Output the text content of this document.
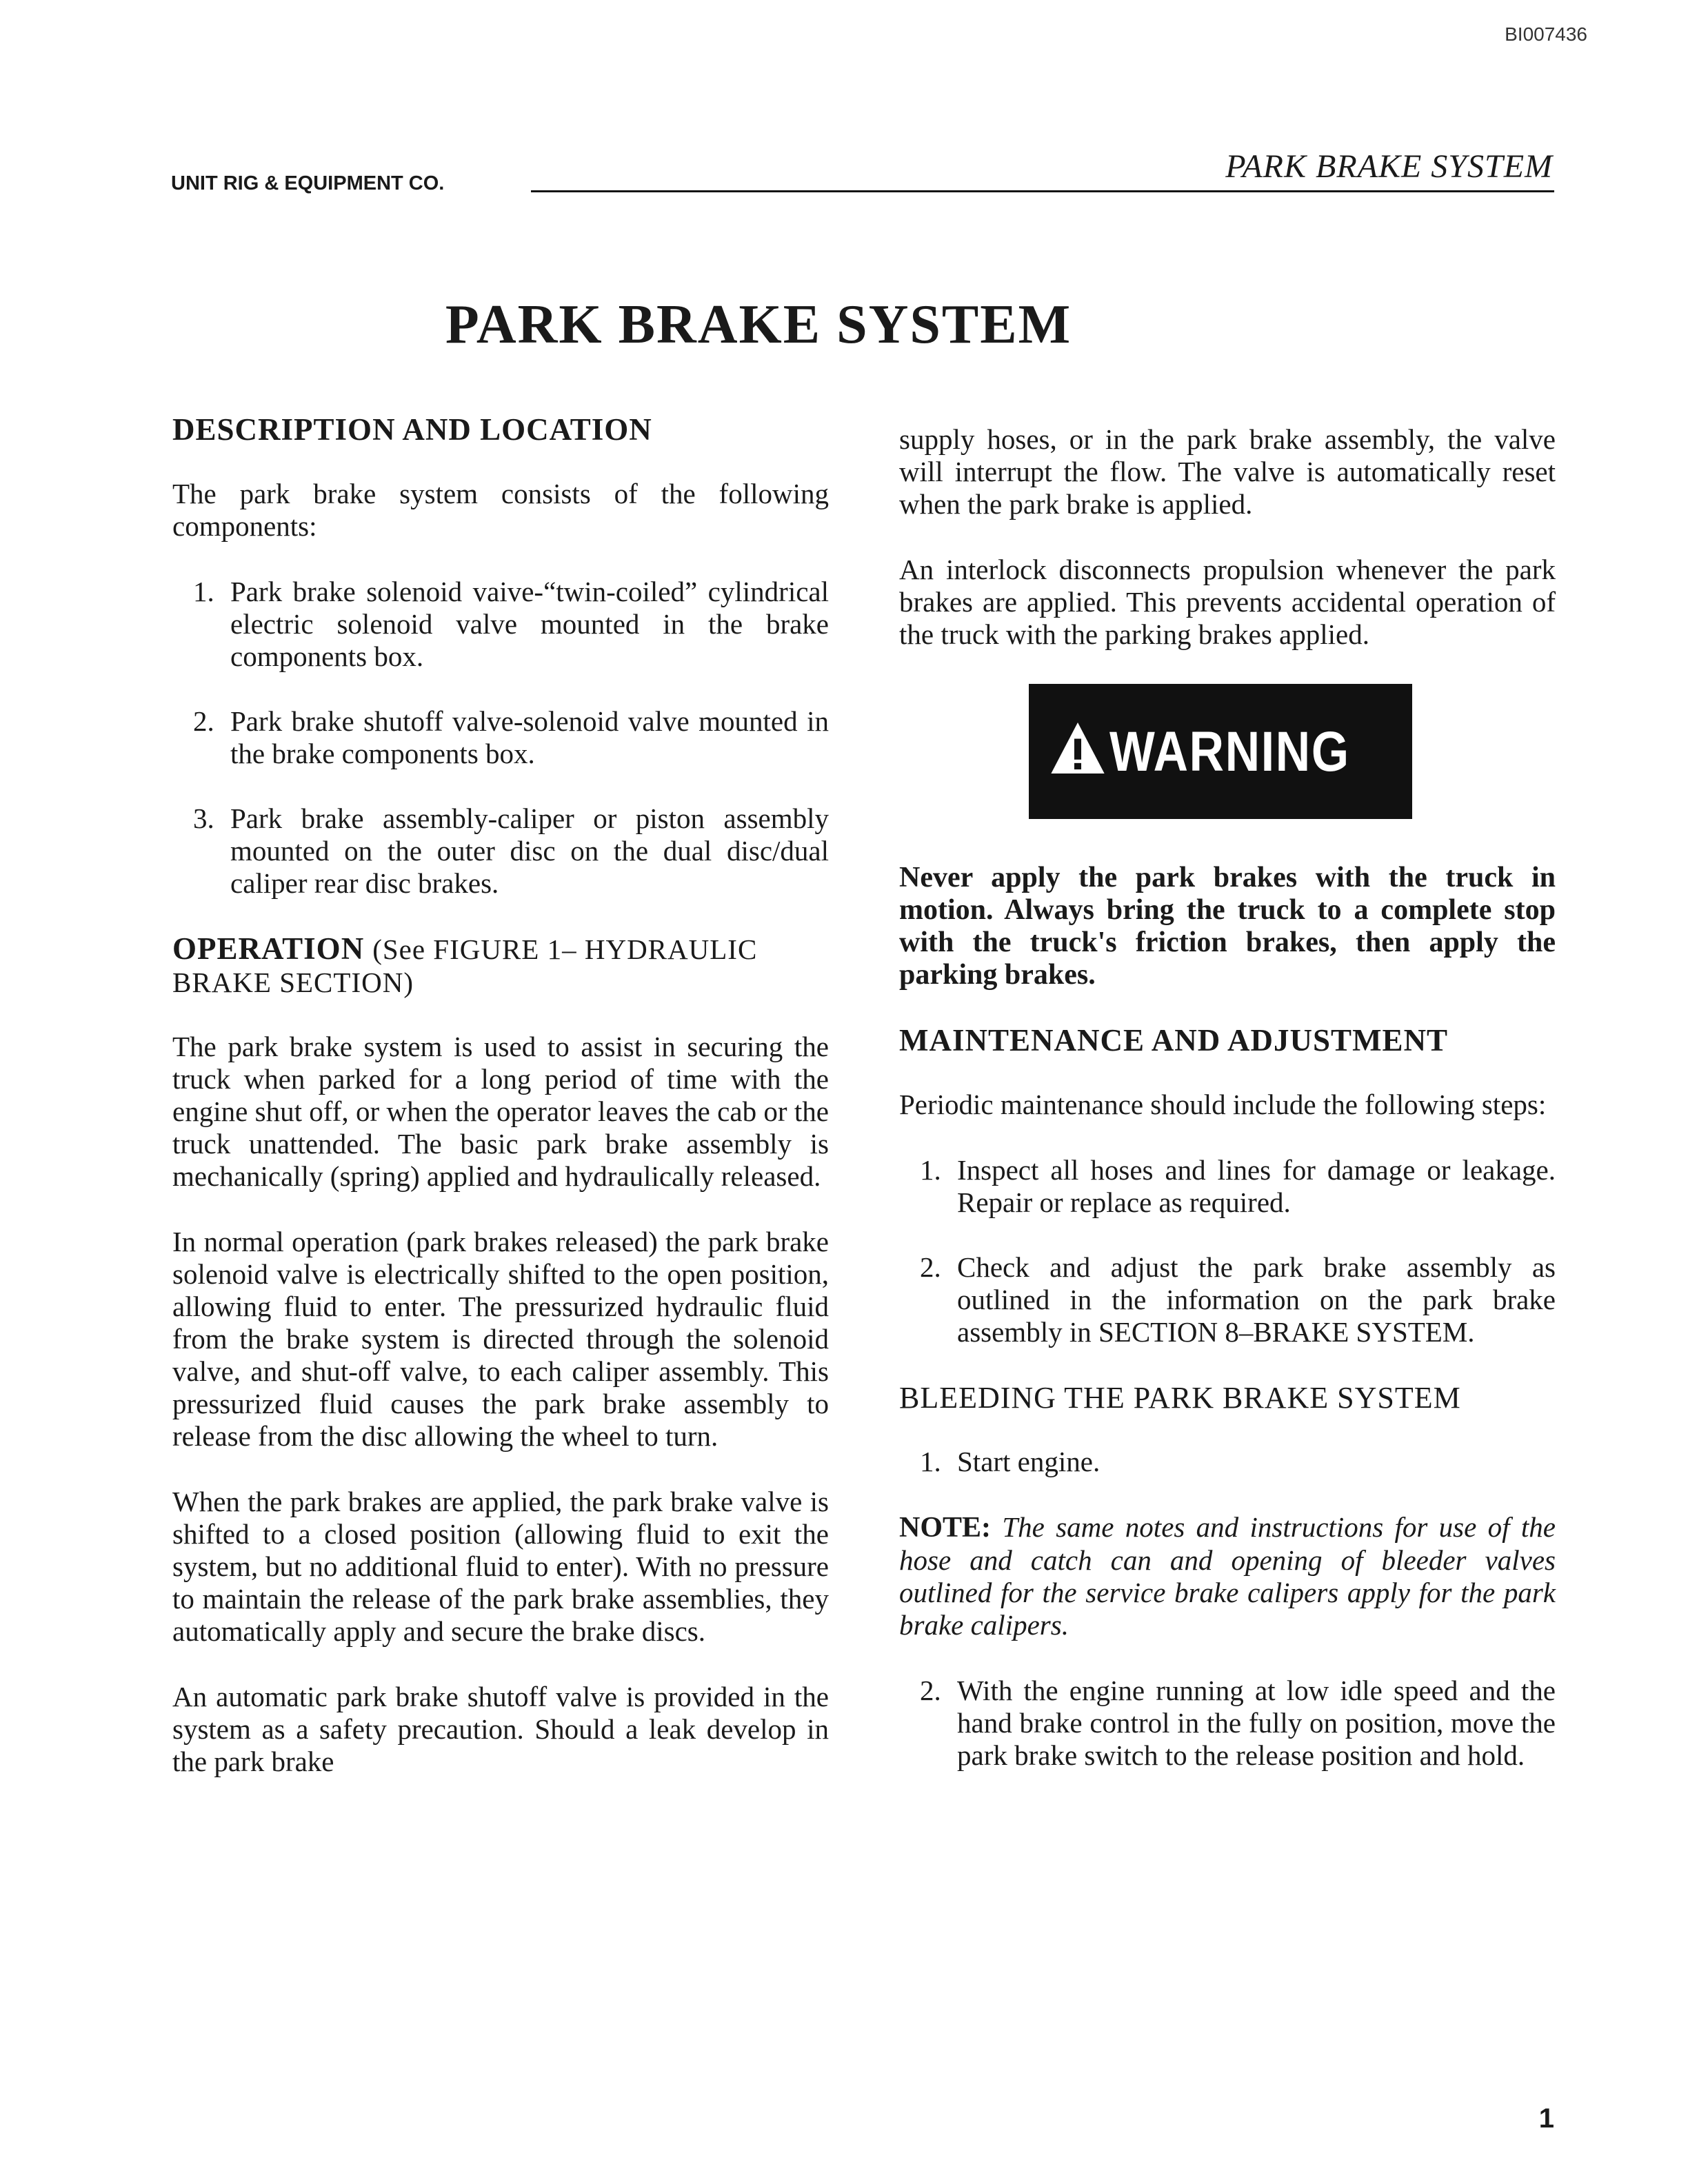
BI007436
UNIT RIG & EQUIPMENT CO.	PARK BRAKE SYSTEM
PARK BRAKE SYSTEM
DESCRIPTION AND LOCATION

The park brake system consists of the following components:

1. Park brake solenoid vaive-“twin-coiled” cylindrical electric solenoid valve mounted in the brake components box.
2. Park brake shutoff valve-solenoid valve mounted in the brake components box.
3. Park brake assembly-caliper or piston assembly mounted on the outer disc on the dual disc/dual caliper rear disc brakes.
OPERATION (See FIGURE 1– HYDRAULIC BRAKE SECTION)

The park brake system is used to assist in securing the truck when parked for a long period of time with the engine shut off, or when the operator leaves the cab or the truck unattended. The basic park brake assembly is mechanically (spring) applied and hydraulically released.

In normal operation (park brakes released) the park brake solenoid valve is electrically shifted to the open position, allowing fluid to enter. The pressurized hydraulic fluid from the brake system is directed through the solenoid valve, and shut-off valve, to each caliper assembly. This pressurized fluid causes the park brake assembly to release from the disc allowing the wheel to turn.

When the park brakes are applied, the park brake valve is shifted to a closed position (allowing fluid to exit the system, but no additional fluid to enter). With no pressure to maintain the release of the park brake assemblies, they automatically apply and secure the brake discs.

An automatic park brake shutoff valve is provided in the system as a safety precaution. Should a leak develop in the park brake

supply hoses, or in the park brake assembly, the valve will interrupt the flow. The valve is automatically reset when the park brake is applied.

An interlock disconnects propulsion whenever the park brakes are applied. This prevents accidental operation of the truck with the parking brakes applied.

WARNING

Never apply the park brakes with the truck in motion. Always bring the truck to a complete stop with the truck's friction brakes, then apply the parking brakes.

MAINTENANCE AND ADJUSTMENT

Periodic maintenance should include the following steps:

1. Inspect all hoses and lines for damage or leakage. Repair or replace as required.
2. Check and adjust the park brake assembly as outlined in the information on the park brake assembly in SECTION 8–BRAKE SYSTEM.
BLEEDING THE PARK BRAKE SYSTEM
1. Start engine.

NOTE: The same notes and instructions for use of the hose and catch can and opening of bleeder valves outlined for the service brake calipers apply for the park brake calipers.

2. With the engine running at low idle speed and the hand brake control in the fully on position, move the park brake switch to the release position and hold.
1
